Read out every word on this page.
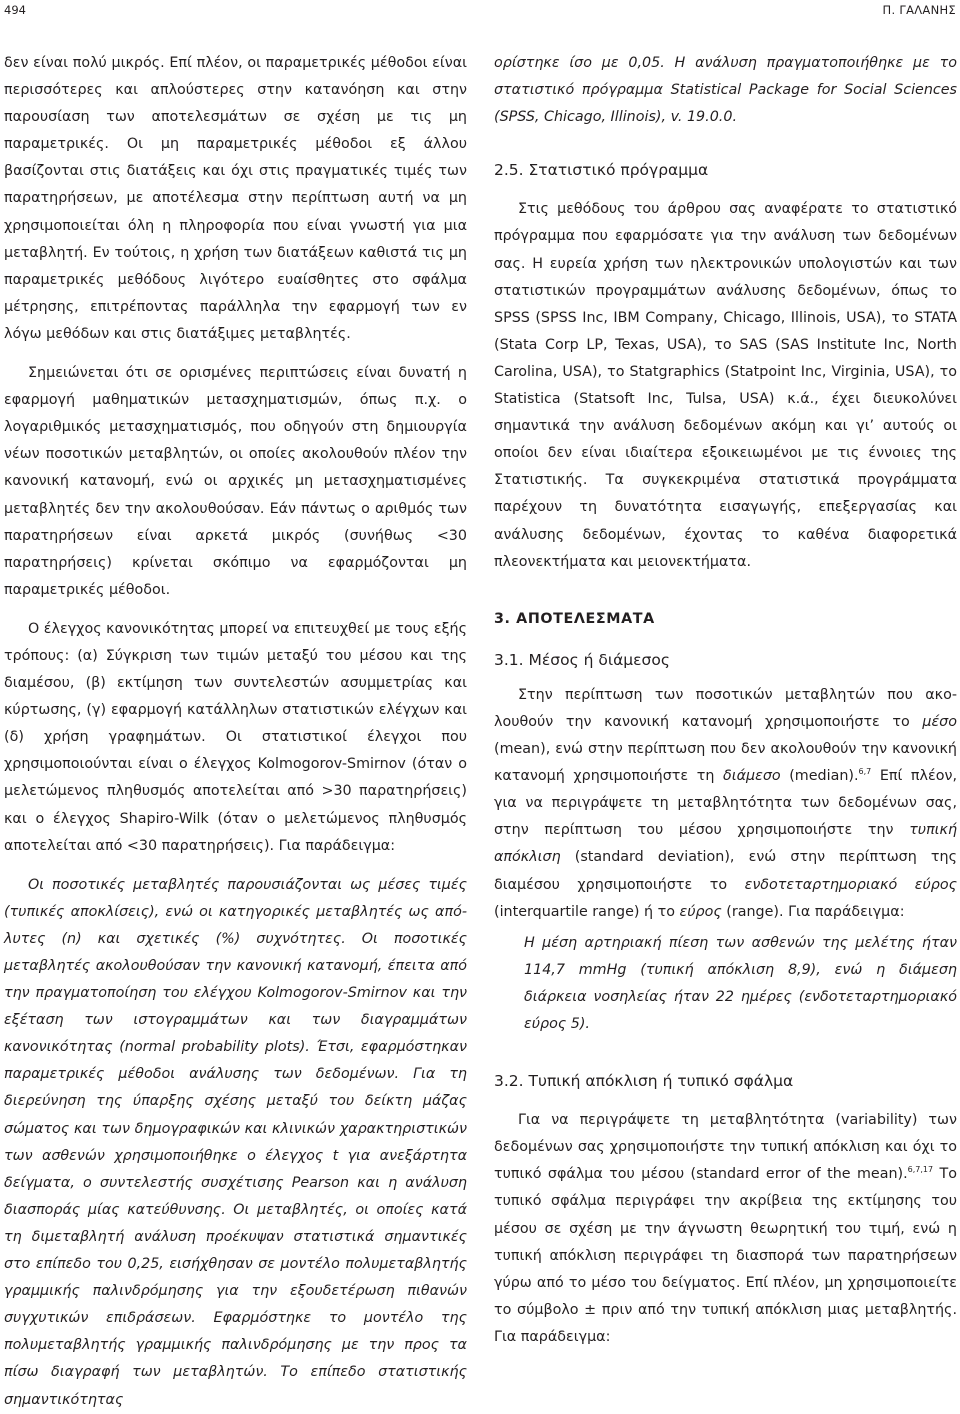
494	Π. ΓΑΛΑΝΗΣ

δεν είναι πολύ μικρός. Επί πλέον, οι παραμετρικές μέθοδοι είναι περισσότερες και απλούστερες στην κατανόηση και στην παρουσίαση των αποτελεσμάτων σε σχέση με τις μη παραμετρικές. Οι μη παραμετρικές μέθοδοι εξ άλλου βασίζονται στις διατάξεις και όχι στις πραγματικές τιμές των παρατηρήσεων, με αποτέλεσμα στην περίπτωση αυτή να μη χρησιμοποιείται όλη η πληροφορία που είναι γνωστή για μια μεταβλητή. Εν τούτοις, η χρήση των διατάξεων καθιστά τις μη παραμετρικές μεθόδους λιγότερο ευαίσθητες στο σφάλμα μέτρησης, επιτρέποντας παράλληλα την εφαρμογή των εν λόγω μεθόδων και στις διατάξιμες μεταβλητές.

Σημειώνεται ότι σε ορισμένες περιπτώσεις είναι δυνατή η εφαρμογή μαθηματικών μετασχηματισμών, όπως π.χ. ο λογαριθμικός μετασχηματισμός, που οδηγούν στη δημιουργία νέων ποσοτικών μεταβλητών, οι οποίες ακολουθούν πλέον την κανονική κατανομή, ενώ οι αρχικές μη μετασχηματισμένες μεταβλητές δεν την ακολουθούσαν. Εάν πάντως ο αριθμός των παρατηρήσεων είναι αρκετά μικρός (συνήθως <30 παρατηρήσεις) κρίνεται σκόπιμο να εφαρμόζονται μη παραμετρικές μέθοδοι.

Ο έλεγχος κανονικότητας μπορεί να επιτευχθεί με τους εξής τρόπους: (α) Σύγκριση των τιμών μεταξύ του μέσου και της διαμέσου, (β) εκτίμηση των συντελεστών ασυμμετρίας και κύρτωσης, (γ) εφαρμογή κατάλληλων στατιστικών ελέγχων και (δ) χρήση γραφημάτων. Οι στατιστικοί έλεγχοι που χρησιμοποιούνται είναι ο έλεγχος Kolmogorov-Smirnov (όταν ο μελετώμενος πληθυσμός αποτελείται από >30 παρατηρήσεις) και ο έλεγχος Shapiro-Wilk (όταν ο μελετώμενος πληθυσμός αποτελείται από <30 παρατηρήσεις). Για παράδειγμα:

Οι ποσοτικές μεταβλητές παρουσιάζονται ως μέσες τιμές (τυπικές αποκλίσεις), ενώ οι κατηγορικές μεταβλητές ως απόλυτες (n) και σχετικές (%) συχνότητες. Οι ποσοτικές μεταβλητές ακολουθούσαν την κανονική κατανομή, έπειτα από την πραγματοποίηση του ελέγχου Kolmogorov-Smirnov και την εξέταση των ιστογραμμάτων και των διαγραμμάτων κανονικότητας (normal probability plots). Έτσι, εφαρμόστηκαν παραμετρικές μέθοδοι ανάλυσης των δεδομένων. Για τη διερεύνηση της ύπαρξης σχέσης μεταξύ του δείκτη μάζας σώματος και των δημογραφικών και κλινικών χαρακτηριστικών των ασθενών χρησιμοποιήθηκε ο έλεγχος t για ανεξάρτητα δείγματα, ο συντελεστής συσχέτισης Pearson και η ανάλυση διασποράς μίας κατεύθυνσης. Οι μεταβλητές, οι οποίες κατά τη διμεταβλητή ανάλυση προέκυψαν στατιστικά σημαντικές στο επίπεδο του 0,25, εισήχθησαν σε μοντέλο πολυμεταβλητής γραμμικής παλινδρόμησης για την εξουδετέρωση πιθανών συγχυτικών επιδράσεων. Εφαρμόστηκε το μοντέλο της πολυμεταβλητής γραμμικής παλινδρόμησης με την προς τα πίσω διαγραφή των μεταβλητών. Το επίπεδο στατιστικής σημαντικότητας

ορίστηκε ίσο με 0,05. Η ανάλυση πραγματοποιήθηκε με το στατιστικό πρόγραμμα Statistical Package for Social Sciences (SPSS, Chicago, Illinois), v. 19.0.0.

2.5. Στατιστικό πρόγραμμα

Στις μεθόδους του άρθρου σας αναφέρατε το στατιστικό πρόγραμμα που εφαρμόσατε για την ανάλυση των δεδομένων σας. Η ευρεία χρήση των ηλεκτρονικών υπολογιστών και των στατιστικών προγραμμάτων ανάλυσης δεδομένων, όπως το SPSS (SPSS Inc, IBM Company, Chicago, Illinois, USA), το STATA (Stata Corp LP, Texas, USA), το SAS (SAS Institute Inc, North Carolina, USA), το Statgraphics (Statpoint Inc, Virginia, USA), το Statistica (Statsoft Inc, Tulsa, USA) κ.ά., έχει διευκολύνει σημαντικά την ανάλυση δεδομένων ακόμη και γι’ αυτούς οι οποίοι δεν είναι ιδιαίτερα εξοικειωμένοι με τις έννοιες της Στατιστικής. Τα συγκεκριμένα στατιστικά προγράμματα παρέχουν τη δυνατότητα εισαγωγής, επεξεργασίας και ανάλυσης δεδομένων, έχοντας το καθένα διαφορετικά πλεονεκτήματα και μειονεκτήματα.

3. ΑΠΟΤΕΛΕΣΜΑΤΑ
3.1. Μέσος ή διάμεσος

Στην περίπτωση των ποσοτικών μεταβλητών που ακολουθούν την κανονική κατανομή χρησιμοποιήστε το μέσο (mean), ενώ στην περίπτωση που δεν ακολουθούν την κανονική κατανομή χρησιμοποιήστε τη διάμεσο (median).$^{6,7}$ Επί πλέον, για να περιγράψετε τη μεταβλητότητα των δεδομένων σας, στην περίπτωση του μέσου χρησιμοποιήστε την τυπική απόκλιση (standard deviation), ενώ στην περίπτωση της διαμέσου χρησιμοποιήστε το ενδοτεταρτημοριακό εύρος (interquartile range) ή το εύρος (range). Για παράδειγμα:

Η μέση αρτηριακή πίεση των ασθενών της μελέτης ήταν 114,7 mmHg (τυπική απόκλιση 8,9), ενώ η διάμεση διάρκεια νοσηλείας ήταν 22 ημέρες (ενδοτεταρτημοριακό εύρος 5).

3.2. Τυπική απόκλιση ή τυπικό σφάλμα

Για να περιγράψετε τη μεταβλητότητα (variability) των δεδομένων σας χρησιμοποιήστε την τυπική απόκλιση και όχι το τυπικό σφάλμα του μέσου (standard error of the mean).$^{6,7,17}$ Το τυπικό σφάλμα περιγράφει την ακρίβεια της εκτίμησης του μέσου σε σχέση με την άγνωστη θεωρητική του τιμή, ενώ η τυπική απόκλιση περιγράφει τη διασπορά των παρατηρήσεων γύρω από το μέσο του δείγματος. Επί πλέον, μη χρησιμοποιείτε το σύμβολο ± πριν από την τυπική απόκλιση μιας μεταβλητής. Για παράδειγμα:
